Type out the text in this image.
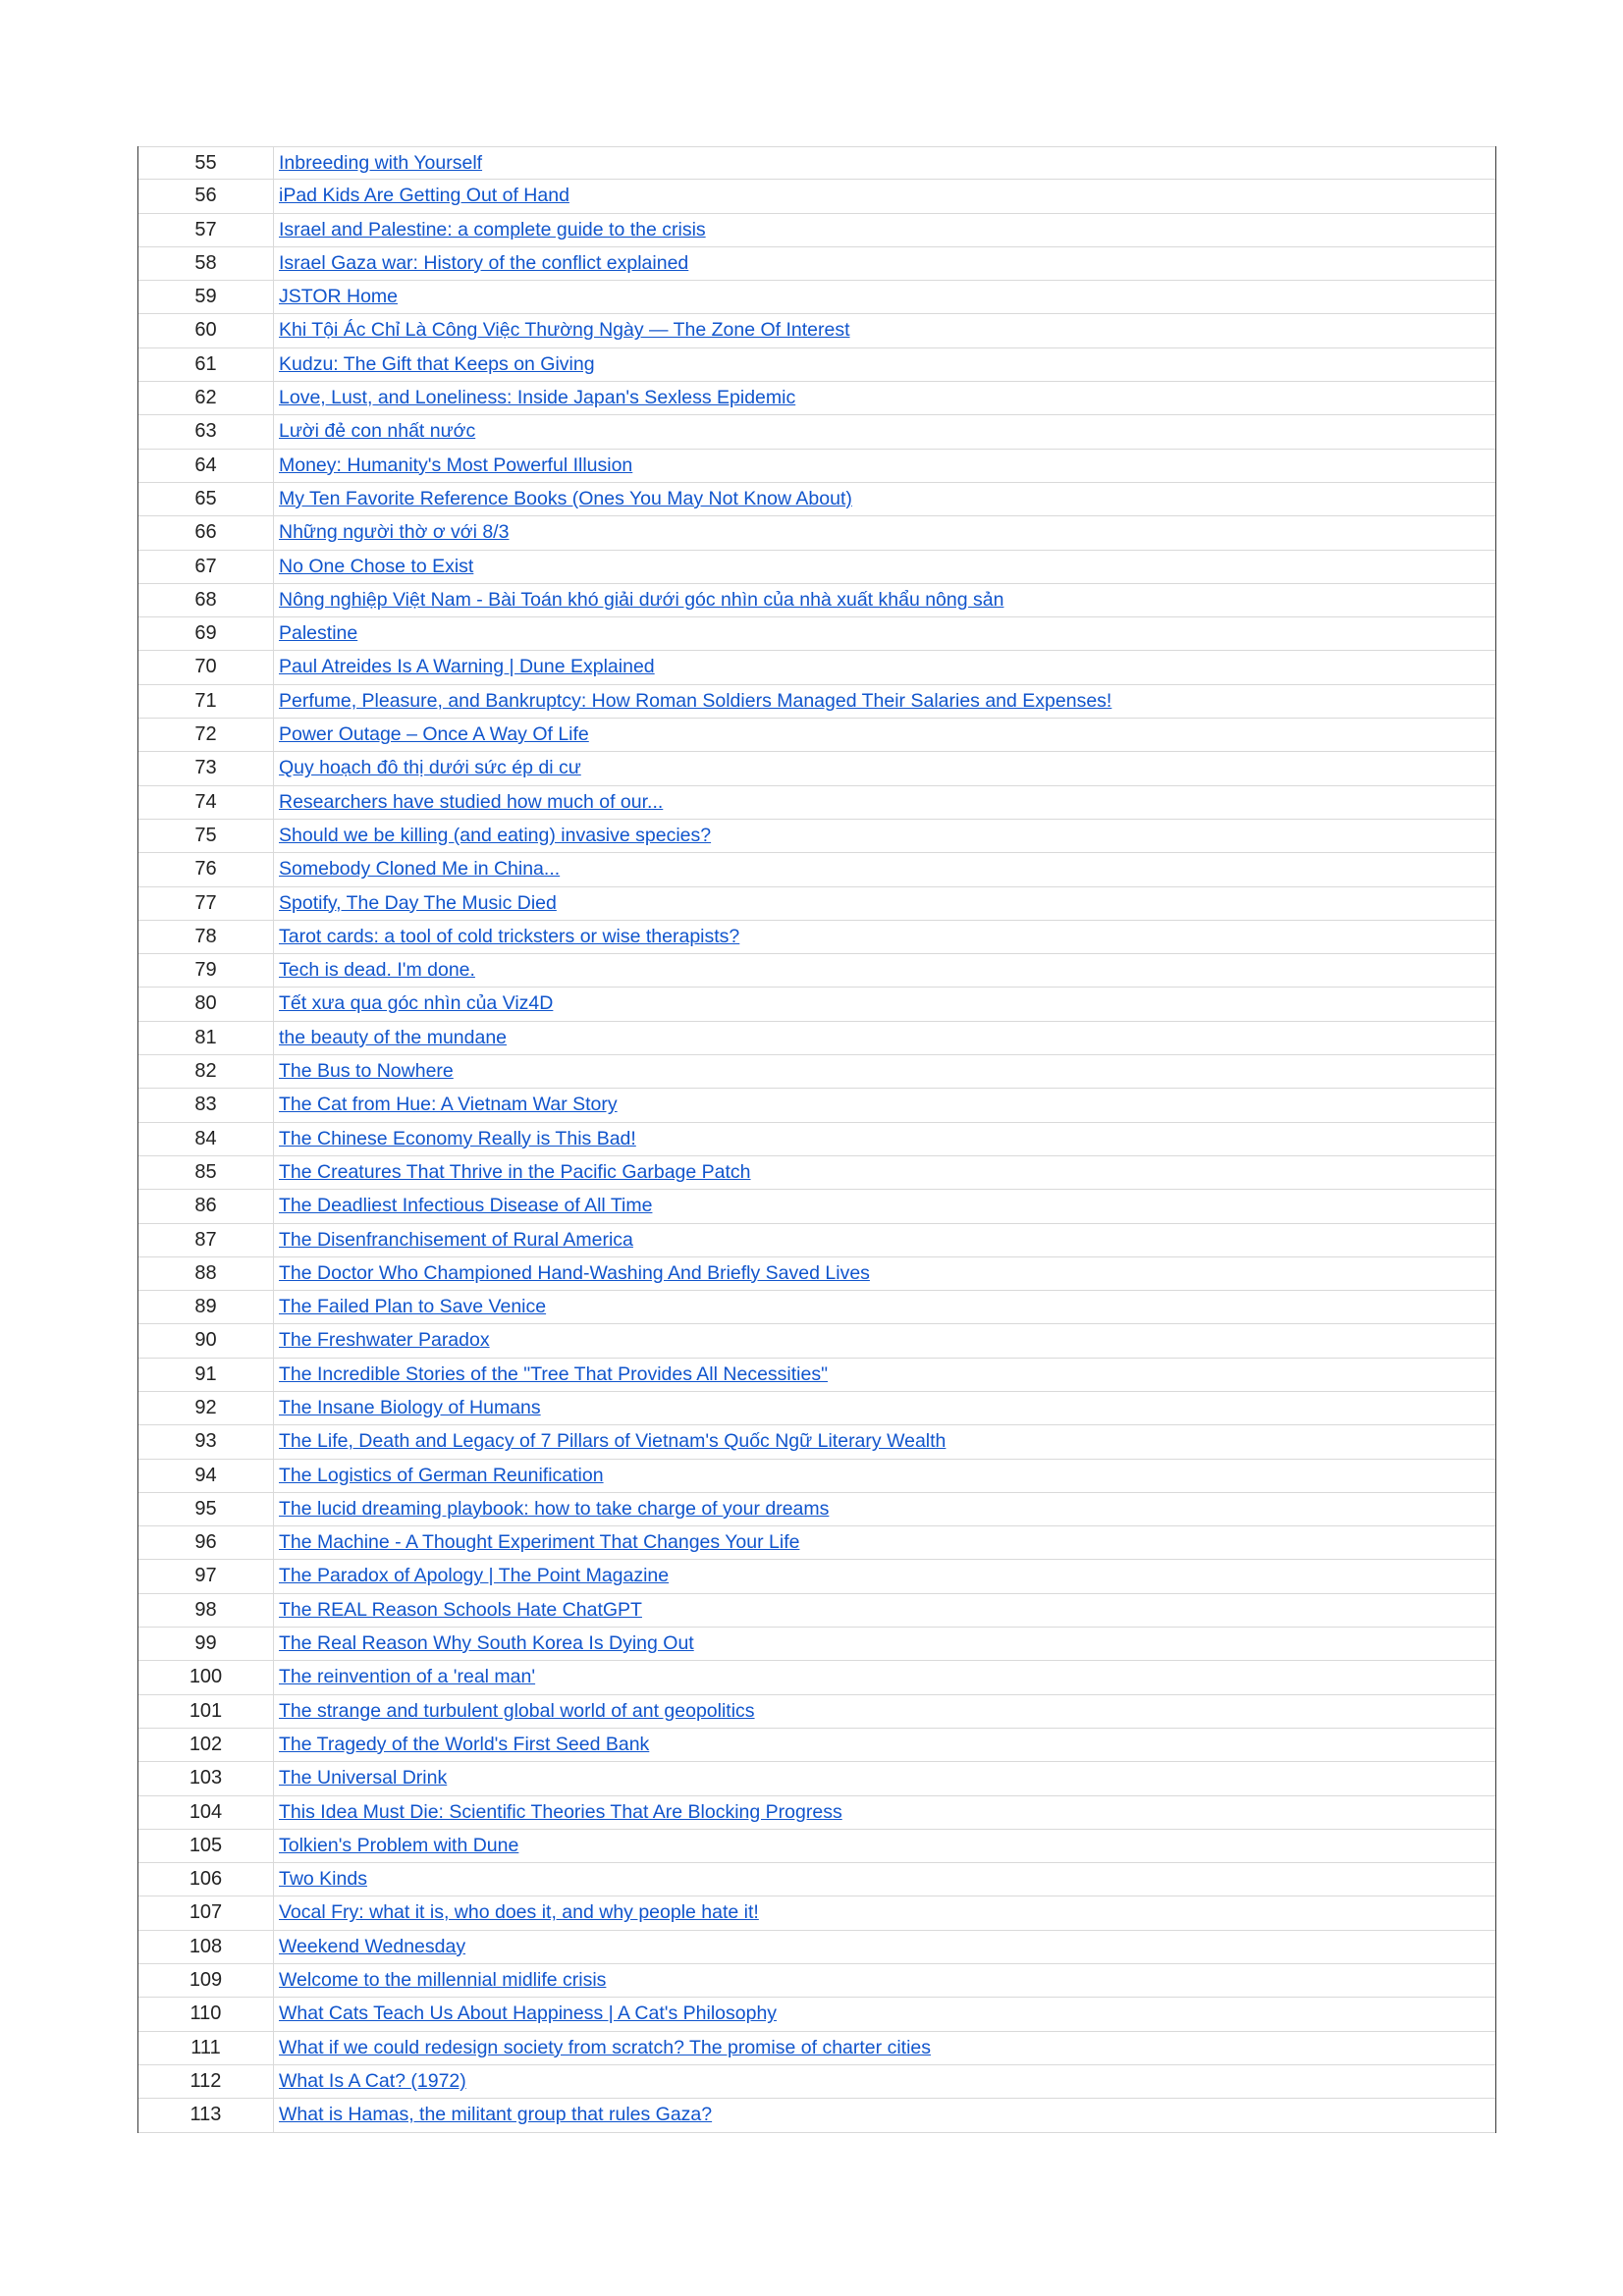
55	Inbreeding with Yourself
56	iPad Kids Are Getting Out of Hand
57	Israel and Palestine: a complete guide to the crisis
58	Israel Gaza war: History of the conflict explained
59	JSTOR Home
60	Khi Tội Ác Chỉ Là Công Việc Thường Ngày — The Zone Of Interest
61	Kudzu: The Gift that Keeps on Giving
62	Love, Lust, and Loneliness: Inside Japan's Sexless Epidemic
63	Lười đẻ con nhất nước
64	Money: Humanity's Most Powerful Illusion
65	My Ten Favorite Reference Books (Ones You May Not Know About)
66	Những người thờ ơ với 8/3
67	No One Chose to Exist
68	Nông nghiệp Việt Nam - Bài Toán khó giải dưới góc nhìn của nhà xuất khẩu nông sản
69	Palestine
70	Paul Atreides Is A Warning | Dune Explained
71	Perfume, Pleasure, and Bankruptcy: How Roman Soldiers Managed Their Salaries and Expenses!
72	Power Outage – Once A Way Of Life
73	Quy hoạch đô thị dưới sức ép di cư
74	Researchers have studied how much of our...
75	Should we be killing (and eating) invasive species?
76	Somebody Cloned Me in China...
77	Spotify, The Day The Music Died
78	Tarot cards: a tool of cold tricksters or wise therapists?
79	Tech is dead. I'm done.
80	Tết xưa qua góc nhìn của Viz4D
81	the beauty of the mundane
82	The Bus to Nowhere
83	The Cat from Hue: A Vietnam War Story
84	The Chinese Economy Really is This Bad!
85	The Creatures That Thrive in the Pacific Garbage Patch
86	The Deadliest Infectious Disease of All Time
87	The Disenfranchisement of Rural America
88	The Doctor Who Championed Hand-Washing And Briefly Saved Lives
89	The Failed Plan to Save Venice
90	The Freshwater Paradox
91	The Incredible Stories of the "Tree That Provides All Necessities"
92	The Insane Biology of Humans
93	The Life, Death and Legacy of 7 Pillars of Vietnam's Quốc Ngữ Literary Wealth
94	The Logistics of German Reunification
95	The lucid dreaming playbook: how to take charge of your dreams
96	The Machine - A Thought Experiment That Changes Your Life
97	The Paradox of Apology | The Point Magazine
98	The REAL Reason Schools Hate ChatGPT
99	The Real Reason Why South Korea Is Dying Out
100	The reinvention of a 'real man'
101	The strange and turbulent global world of ant geopolitics
102	The Tragedy of the World's First Seed Bank
103	The Universal Drink
104	This Idea Must Die: Scientific Theories That Are Blocking Progress
105	Tolkien's Problem with Dune
106	Two Kinds
107	Vocal Fry: what it is, who does it, and why people hate it!
108	Weekend Wednesday
109	Welcome to the millennial midlife crisis
110	What Cats Teach Us About Happiness | A Cat's Philosophy
111	What if we could redesign society from scratch? The promise of charter cities
112	What Is A Cat? (1972)
113	What is Hamas, the militant group that rules Gaza?
